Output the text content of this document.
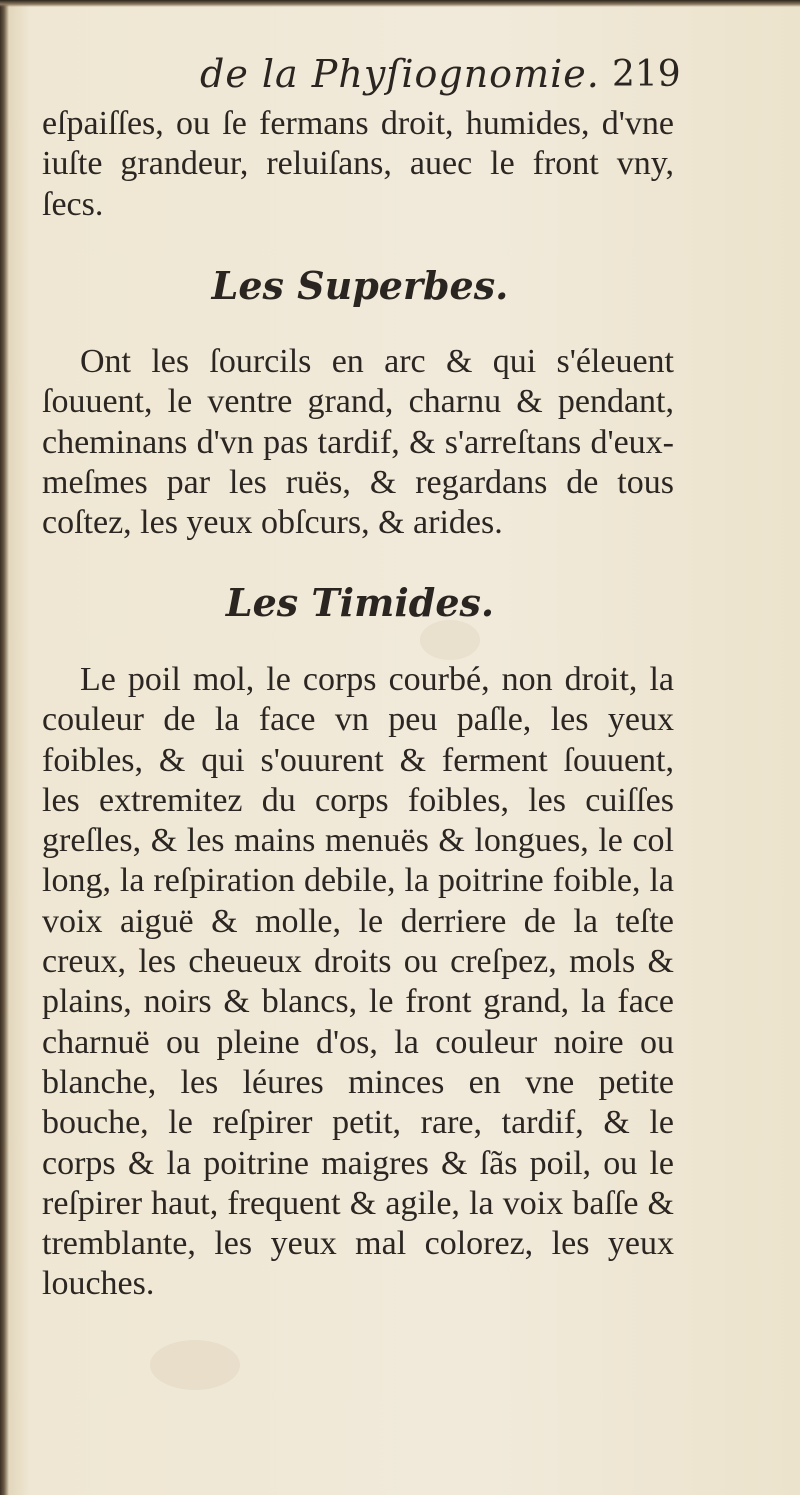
de la Phyſiognomie. 219
eſpaiſſes, ou ſe fermans droit, humides, d'vne iuſte grandeur, reluiſans, auec le front vny, ſecs.
Les Superbes.
Ont les ſourcils en arc & qui s'éleuent ſouuent, le ventre grand, charnu & pendant, cheminans d'vn pas tardif, & s'arreſtans d'eux-meſmes par les ruës, & regardans de tous coſtez, les yeux obſcurs, & arides.
Les Timides.
Le poil mol, le corps courbé, non droit, la couleur de la face vn peu paſle, les yeux foibles, & qui s'ouurent & ferment ſouuent, les extremitez du corps foibles, les cuiſſes greſles, & les mains menuës & longues, le col long, la reſpiration debile, la poitrine foible, la voix aiguë & molle, le derriere de la teſte creux, les cheueux droits ou creſpez, mols & plains, noirs & blancs, le front grand, la face charnuë ou pleine d'os, la couleur noire ou blanche, les léures minces en vne petite bouche, le reſpirer petit, rare, tardif, & le corps & la poitrine maigres & ſãs poil, ou le reſpirer haut, frequent & agile, la voix baſſe & tremblante, les yeux mal colorez, les yeux louches.
